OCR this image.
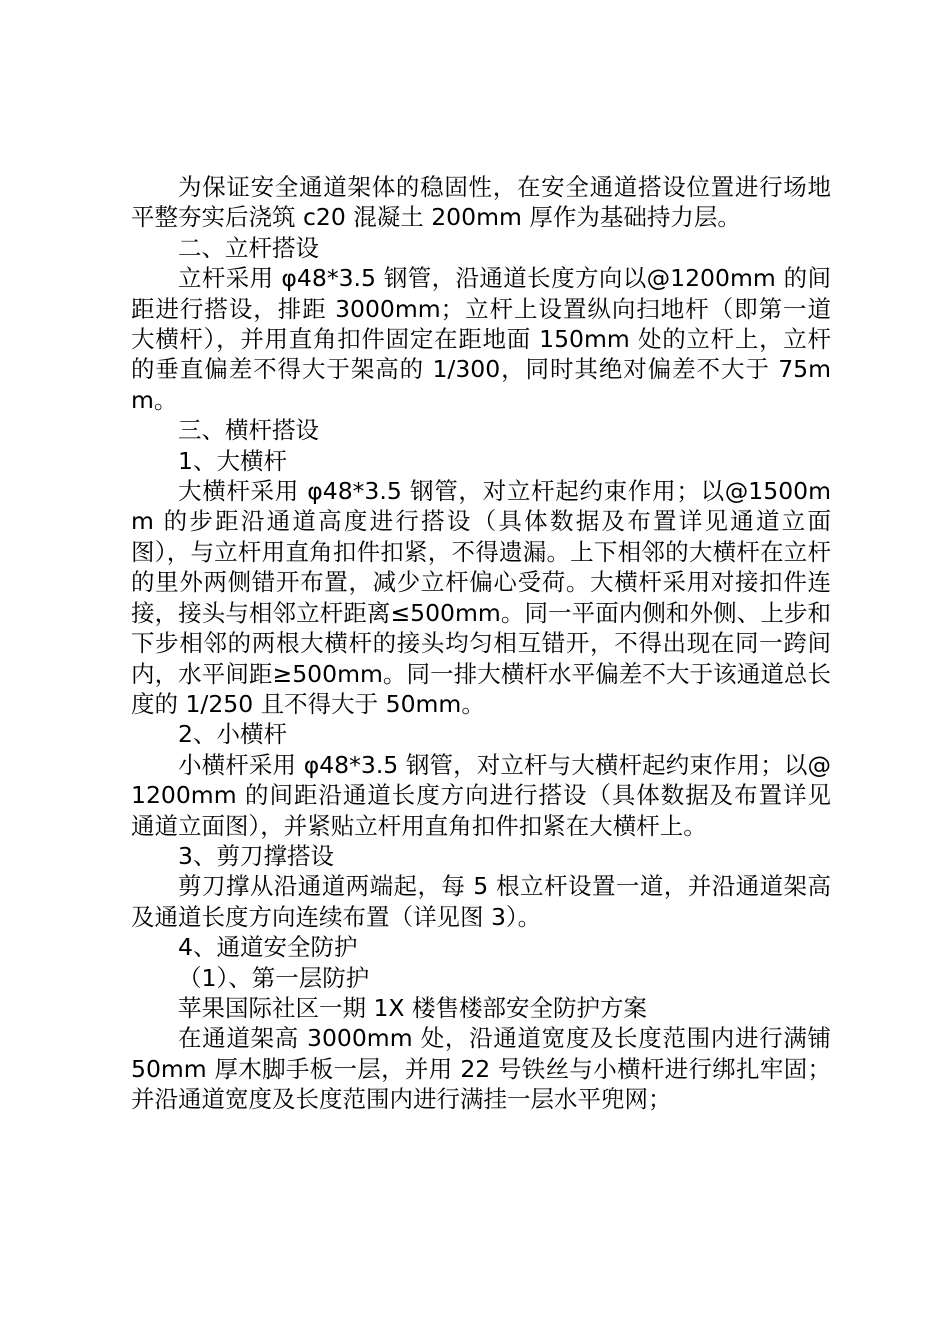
为保证安全通道架体的稳固性，在安全通道搭设位置进行场地平整夯实后浇筑 c20 混凝土 200mm 厚作为基础持力层。

二、立杆搭设

立杆采用 φ48*3.5 钢管，沿通道长度方向以@1200mm 的间距进行搭设，排距 3000mm；立杆上设置纵向扫地杆（即第一道大横杆），并用直角扣件固定在距地面 150mm 处的立杆上，立杆的垂直偏差不得大于架高的 1/300，同时其绝对偏差不大于 75mm。

三、横杆搭设

1、大横杆

大横杆采用 φ48*3.5 钢管，对立杆起约束作用；以@1500mm 的步距沿通道高度进行搭设（具体数据及布置详见通道立面图），与立杆用直角扣件扣紧，不得遗漏。上下相邻的大横杆在立杆的里外两侧错开布置，减少立杆偏心受荷。大横杆采用对接扣件连接，接头与相邻立杆距离≤500mm。同一平面内侧和外侧、上步和下步相邻的两根大横杆的接头均匀相互错开，不得出现在同一跨间内，水平间距≥500mm。同一排大横杆水平偏差不大于该通道总长度的 1/250 且不得大于 50mm。

2、小横杆

小横杆采用 φ48*3.5 钢管，对立杆与大横杆起约束作用；以@1200mm 的间距沿通道长度方向进行搭设（具体数据及布置详见通道立面图），并紧贴立杆用直角扣件扣紧在大横杆上。

3、剪刀撑搭设

剪刀撑从沿通道两端起，每 5 根立杆设置一道，并沿通道架高及通道长度方向连续布置（详见图 3）。

4、通道安全防护

（1）、第一层防护

苹果国际社区一期 1X 楼售楼部安全防护方案

在通道架高 3000mm 处，沿通道宽度及长度范围内进行满铺 50mm 厚木脚手板一层，并用 22 号铁丝与小横杆进行绑扎牢固；并沿通道宽度及长度范围内进行满挂一层水平兜网；
